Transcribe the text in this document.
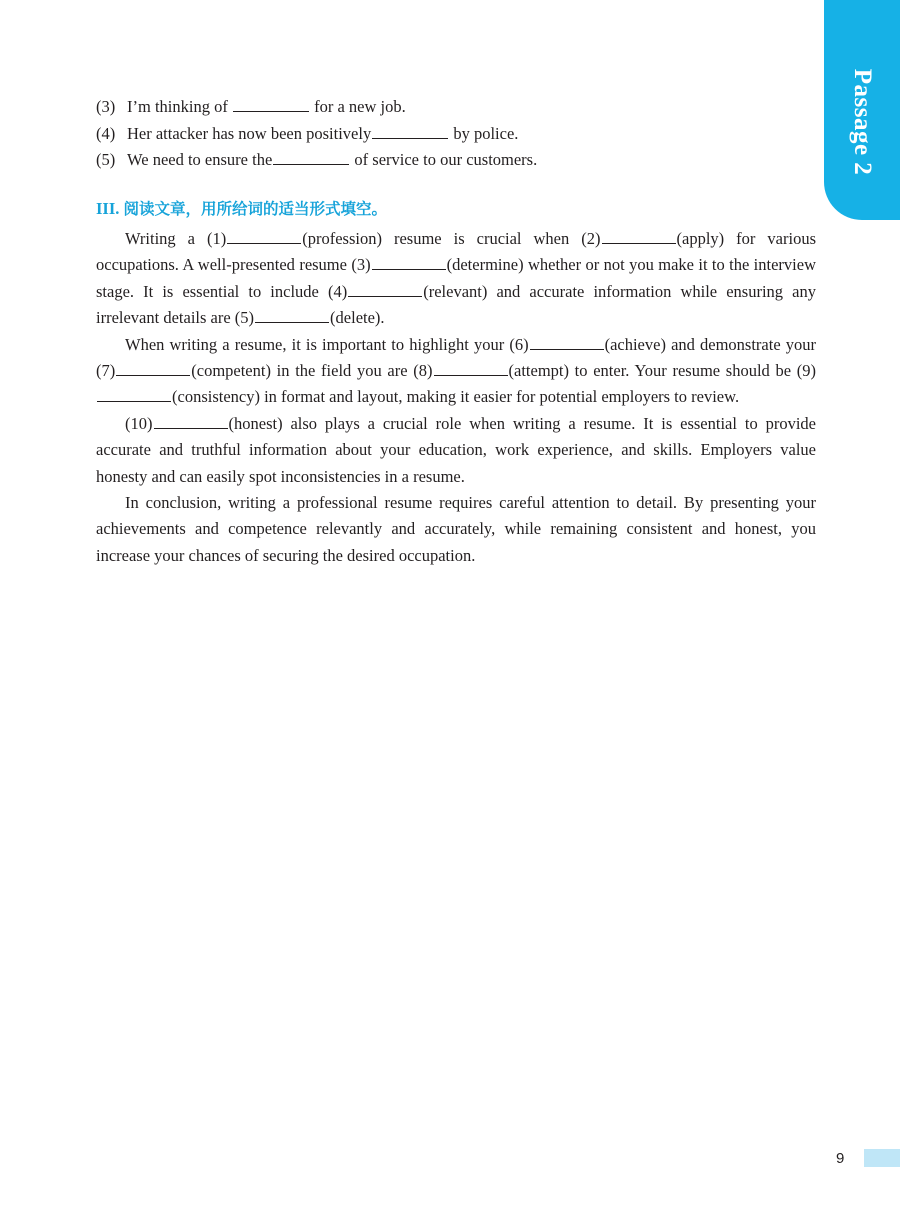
Passage 2
(3) I’m thinking of	for a new job.
(4) Her attacker has now been positively	by police.
(5) We need to ensure the	of service to our customers.
III. 阅读文章，用所给词的适当形式填空。

Writing a (1)	(profession) resume is crucial when (2)	(apply) for various occupations. A well-presented resume (3)	(determine) whether or not you make it to the interview stage. It is essential to include (4)	(relevant) and accurate information while ensuring any irrelevant details are (5)	(delete).

When writing a resume, it is important to highlight your (6)	(achieve) and demonstrate your (7)	(competent) in the field you are (8)	(attempt) to enter. Your resume should be (9)(consistency) in format and layout, making it easier for potential employers to review.

(10)	(honest) also plays a crucial role when writing a resume. It is essential to provide accurate and truthful information about your education, work experience, and skills. Employers value honesty and can easily spot inconsistencies in a resume.

In conclusion, writing a professional resume requires careful attention to detail. By presenting your achievements and competence relevantly and accurately, while remaining consistent and honest, you increase your chances of securing the desired occupation.

9
